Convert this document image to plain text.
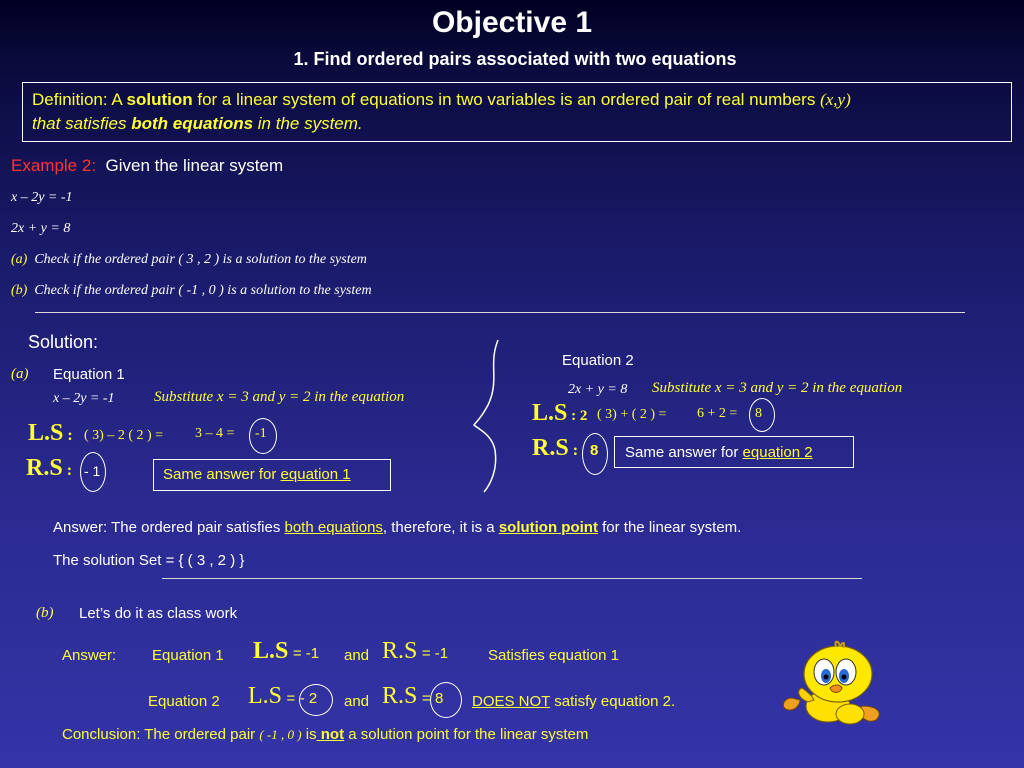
Objective 1
1. Find ordered pairs associated with two equations
Definition: A solution for a linear system of equations in two variables is an ordered pair of real numbers (x,y)
that satisfies both equations in the system.
Example 2: Given the linear system
x – 2y = -1
2x + y = 8
(a) Check if the ordered pair ( 3 , 2 ) is a solution to the system
(b) Check if the ordered pair ( -1 , 0 ) is a solution to the system
Solution:
(a) Equation 1
x – 2y = -1	Substitute x = 3 and y = 2 in the equation
L.S : ( 3) – 2 ( 2 ) = 3 – 4 = -1
R.S : - 1	Same answer for equation 1
Equation 2
2x + y = 8 Substitute x = 3 and y = 2 in the equation
L.S : 2 ( 3) + ( 2 ) = 6 + 2 = 8
R.S : 8 Same answer for equation 2
Answer: The ordered pair satisfies both equations, therefore, it is a solution point for the linear system.
The solution Set = { ( 3 , 2 ) }
(b) Let’s do it as class work
Answer: Equation 1 L.S = -1 and R.S = -1	Satisfies equation 1
Equation 2 L.S = - 2 and R.S = 8 DOES NOT satisfy equation 2.
Conclusion: The ordered pair ( -1 , 0 ) is not a solution point for the linear system
